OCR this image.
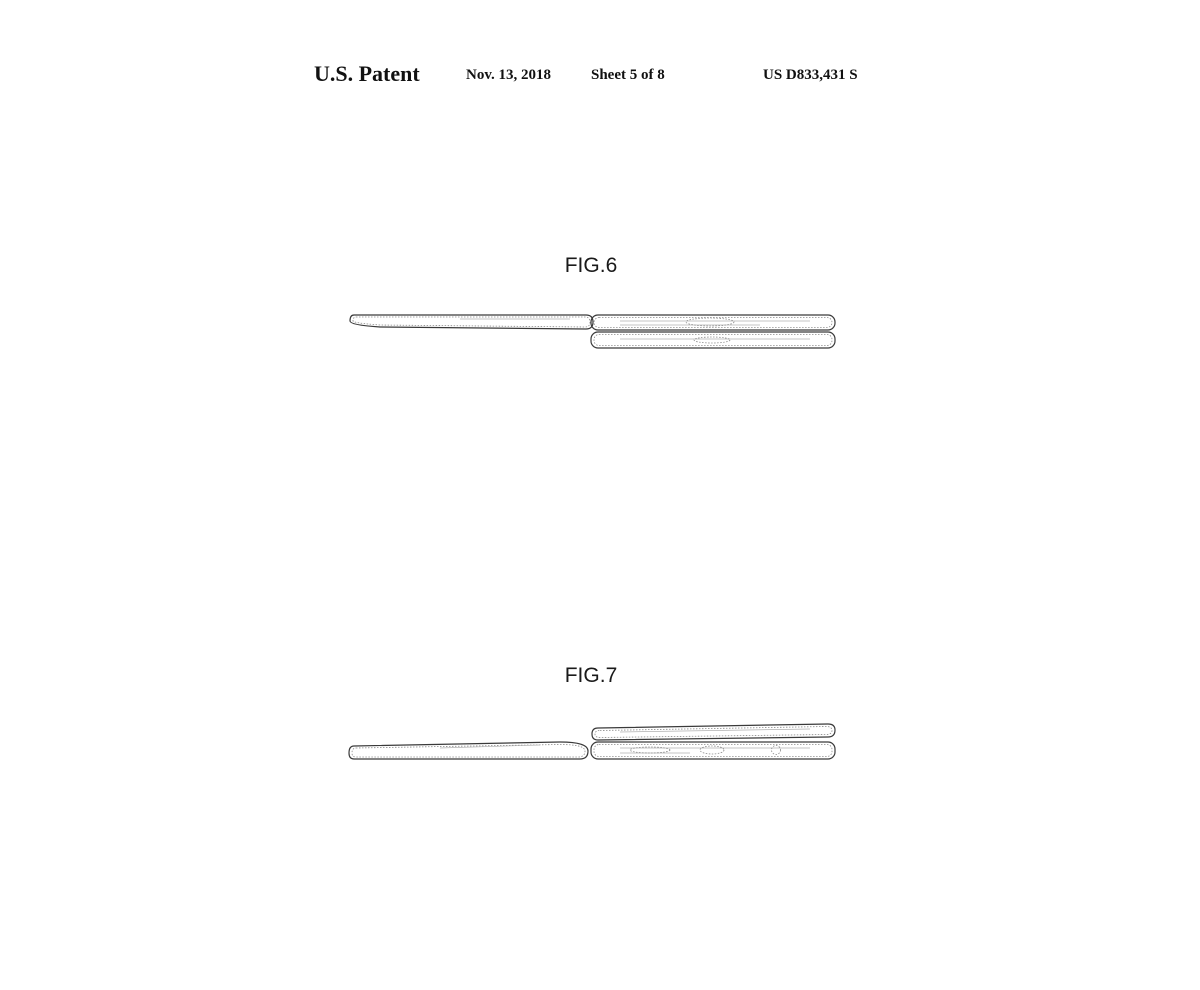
U.S. Patent	Nov. 13, 2018	Sheet 5 of 8	US D833,431 S
FIG.6
FIG.7
